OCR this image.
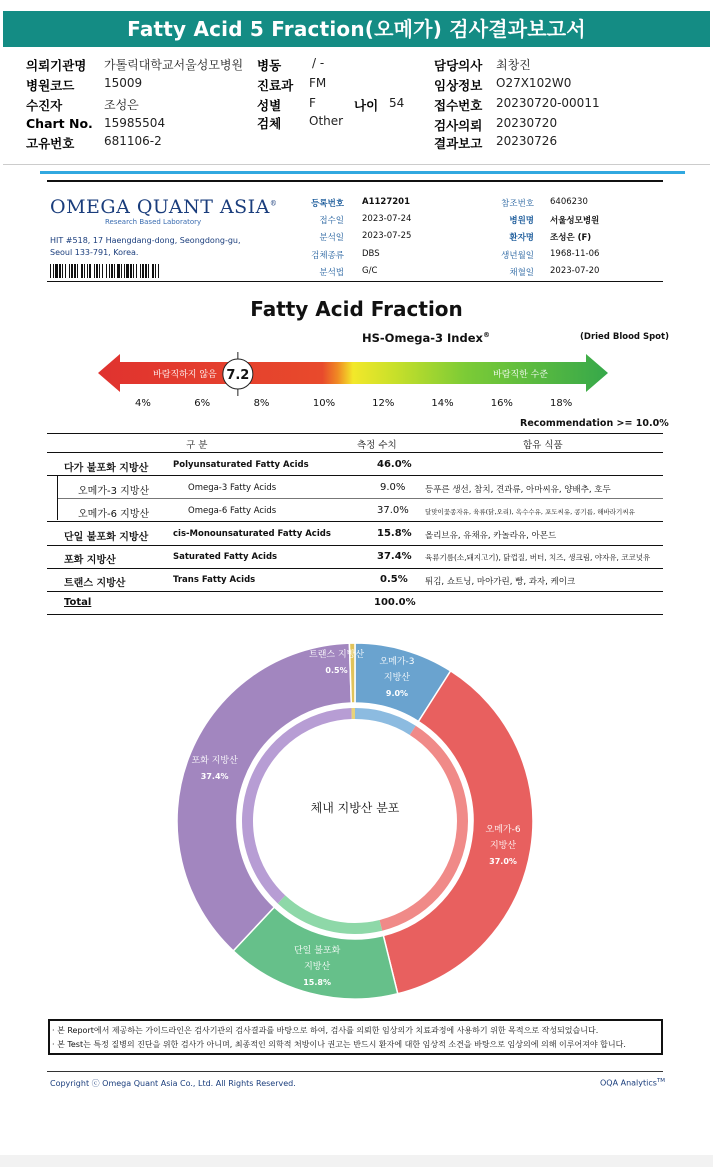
Fatty Acid 5 Fraction(오메가) 검사결과보고서
의뢰기관명 가톨릭대학교서울성모병원
병원코드 15009
수진자	조성은
Chart No. 15985504
고유번호 681106-2
병동	/ -
진료과 FM
성별 F
검체 Other
나이 54
담당의사 최창진
임상정보 O27X102W0
접수번호 20230720-00011
검사의뢰 20230720
결과보고 20230726
OMEGA QUANT ASIA®
Research Based Laboratory
HIT #518, 17 Haengdang-dong, Seongdong-gu,
Seoul 133-791, Korea.
등록번호 A1127201
접수일 2023-07-24
분석일 2023-07-25
검체종류 DBS
분석법 G/C
참조번호 6406230
병원명 서울성모병원
환자명 조성은 (F)
생년월일 1968-11-06
채혈일 2023-07-20
Fatty Acid Fraction
HS-Omega-3 Index®	(Dried Blood Spot)
바람직하지 않음	바람직한 수준
7.2
4%	6%	8%	10%	12%	14%	16%	18%
Recommendation >= 10.0%
구 분	측정 수치	함유 식품
다가 불포화 지방산	Polyunsaturated Fatty Acids	46.0%
오메가-3 지방산	Omega-3 Fatty Acids	9.0% 등푸른 생선, 참치, 견과류, 아마씨유, 양배추, 호두
오메가-6 지방산	Omega-6 Fatty Acids	37.0% 달맞이꽃종자유, 육류(닭,오리), 옥수수유, 포도씨유, 콩기름, 해바라기씨유
단일 불포화 지방산	cis-Monounsaturated Fatty Acids	15.8% 올리브유, 유채유, 카놀라유, 아몬드
포화 지방산	Saturated Fatty Acids	37.4% 육류기름(소,돼지고기), 닭껍질, 버터, 치즈, 생크림, 야자유, 코코넛유
트랜스 지방산	Trans Fatty Acids	0.5% 튀김, 쇼트닝, 마아가린, 빵, 과자, 케이크
Total	100.0%
오메가-3
지방산
9.0%
오메가-6
지방산
37.0%
단일 불포화
지방산
15.8%
포화 지방산
37.4%
트랜스 지방산
0.5%
체내 지방산 분포
· 본 Report에서 제공하는 가이드라인은 검사기관의 검사결과를 바탕으로 하여, 검사를 의뢰한 임상의가 치료과정에 사용하기 위한 목적으로 작성되었습니다.
· 본 Test는 특정 질병의 진단을 위한 검사가 아니며, 최종적인 의학적 처방이나 권고는 반드시 환자에 대한 임상적 소견을 바탕으로 임상의에 의해 이루어져야 합니다.
Copyright ⓒ Omega Quant Asia Co., Ltd. All Rights Reserved.	OQA Analytics™
